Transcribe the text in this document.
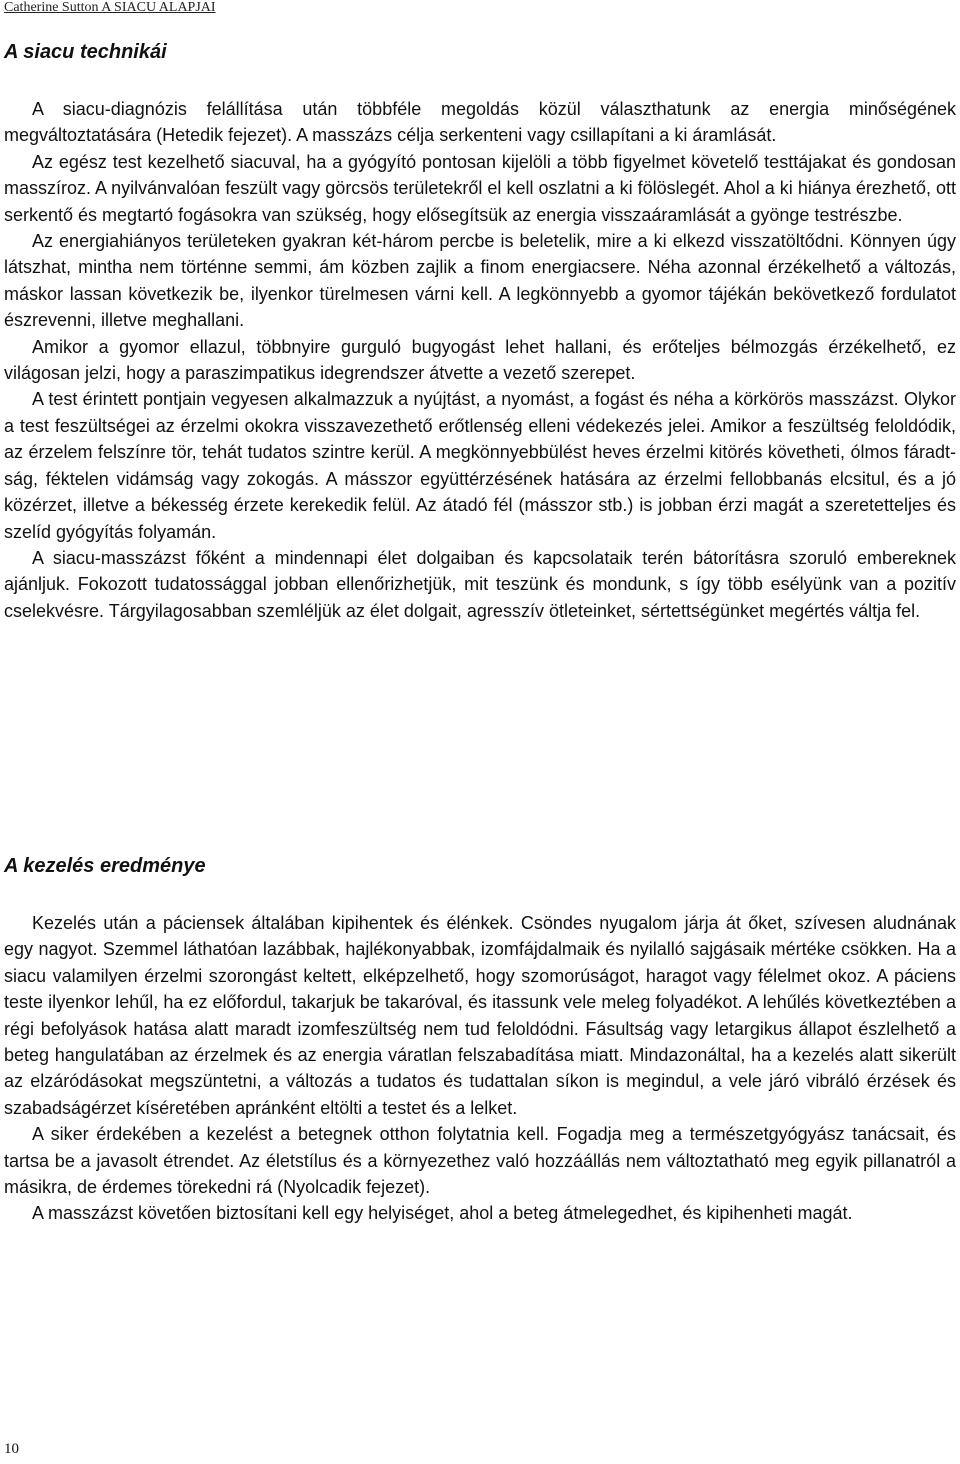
Catherine Sutton A SIACU ALAPJAI
A siacu technikái

A siacu-diagnózis felállítása után többféle megoldás közül választhatunk az energia minőségének megváltoztatására (Hetedik fejezet). A masszázs célja serkenteni vagy csillapítani a ki áramlását.

Az egész test kezelhető siacuval, ha a gyógyító pontosan kijelöli a több figyelmet követelő testtájakat és gondosan masszíroz. A nyilvánvalóan feszült vagy görcsös területekről el kell oszlatni a ki fölöslegét. Ahol a ki hiánya érezhető, ott serkentő és megtartó fogásokra van szükség, hogy elősegítsük az energia visszaáramlását a gyönge testrészbe.

Az energiahiányos területeken gyakran két-három percbe is beletelik, mire a ki elkezd visszatöltődni. Könnyen úgy látszhat, mintha nem történne semmi, ám közben zajlik a finom energiacsere. Néha azonnal érzékelhető a változás, máskor lassan következik be, ilyenkor türelmesen várni kell. A legkönnyebb a gyomor tájékán bekövetkező fordulatot észrevenni, illetve meghallani.

Amikor a gyomor ellazul, többnyire gurguló bugyogást lehet hallani, és erőteljes bélmozgás érzékelhető, ez világosan jelzi, hogy a paraszimpatikus idegrendszer átvette a vezető szerepet.

A test érintett pontjain vegyesen alkalmazzuk a nyújtást, a nyomást, a fogást és néha a körkörös masszázst. Olykor a test feszültségei az érzelmi okokra visszavezethető erőtlenség elleni védekezés jelei. Amikor a feszültség feloldódik, az érzelem felszínre tör, tehát tudatos szintre kerül. A megkönnyebbülést heves érzelmi kitörés követheti, ólmos fáradtság, féktelen vidámság vagy zokogás. A másszor együttérzésének hatására az érzelmi fellobbanás elcsitul, és a jó közérzet, illetve a békesség érzete kerekedik felül. Az átadó fél (másszor stb.) is jobban érzi magát a szeretetteljes és szelíd gyógyítás folyamán.

A siacu-masszázst főként a mindennapi élet dolgaiban és kapcsolataik terén bátorításra szoruló embereknek ajánljuk. Fokozott tudatossággal jobban ellenőrizhetjük, mit teszünk és mondunk, s így több esélyünk van a pozitív cselekvésre. Tárgyilagosabban szemléljük az élet dolgait, agresszív ötleteinket, sértettségünket megértés váltja fel.

A kezelés eredménye

Kezelés után a páciensek általában kipihentek és élénkek. Csöndes nyugalom járja át őket, szívesen aludnának egy nagyot. Szemmel láthatóan lazábbak, hajlékonyabbak, izomfájdalmaik és nyilalló sajgásaik mértéke csökken. Ha a siacu valamilyen érzelmi szorongást keltett, elképzelhető, hogy szomorúságot, haragot vagy félelmet okoz. A páciens teste ilyenkor lehűl, ha ez előfordul, takarjuk be takaróval, és itassunk vele meleg folyadékot. A lehűlés következtében a régi befolyások hatása alatt maradt izomfeszültség nem tud feloldódni. Fásultság vagy letargikus állapot észlelhető a beteg hangulatában az érzelmek és az energia váratlan felszabadítása miatt. Mindazonáltal, ha a kezelés alatt sikerült az elzáródásokat megszüntetni, a változás a tudatos és tudattalan síkon is megindul, a vele járó vibráló érzések és szabadságérzet kíséretében apránként eltölti a testet és a lelket.

A siker érdekében a kezelést a betegnek otthon folytatnia kell. Fogadja meg a természetgyógyász tanácsait, és tartsa be a javasolt étrendet. Az életstílus és a környezethez való hozzáállás nem változtatható meg egyik pillanatról a másikra, de érdemes törekedni rá (Nyolcadik fejezet).

A masszázst követően biztosítani kell egy helyiséget, ahol a beteg átmelegedhet, és kipihenheti magát.

10
